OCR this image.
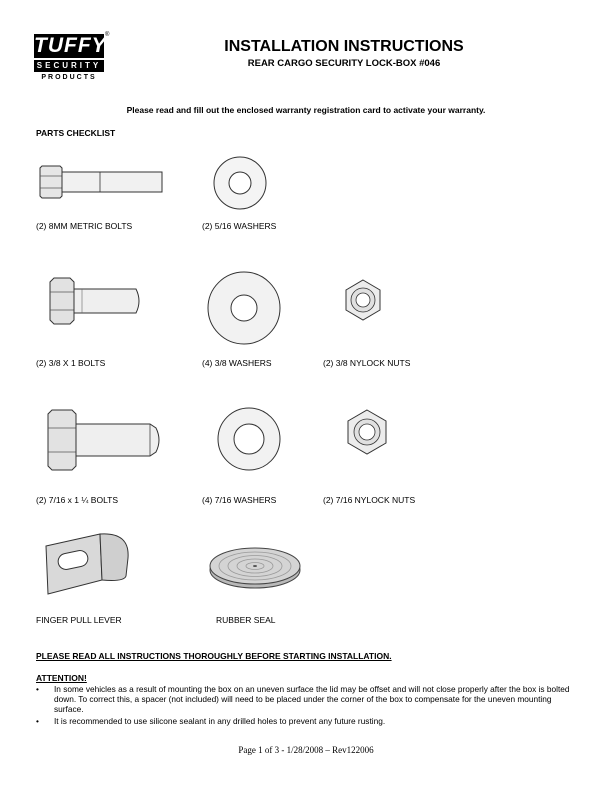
TUFFY
®
SECURITY
PRODUCTS
INSTALLATION INSTRUCTIONS
REAR CARGO SECURITY LOCK-BOX #046
Please read and fill out the enclosed warranty registration card to activate your warranty.
PARTS CHECKLIST
(2) 8MM METRIC BOLTS	(2) 5/16 WASHERS
(2) 3/8 X 1 BOLTS	(4) 3/8 WASHERS	(2) 3/8 NYLOCK NUTS
(2) 7/16 x 1 ¼ BOLTS	(4) 7/16 WASHERS	(2) 7/16 NYLOCK NUTS
FINGER PULL LEVER	RUBBER SEAL
PLEASE READ ALL INSTRUCTIONS THOROUGHLY BEFORE STARTING INSTALLATION.
ATTENTION!
•	In some vehicles as a result of mounting the box on an uneven surface the lid may be offset and will not close properly after the box is bolted down. To correct this, a spacer (not included) will need to be placed under the corner of the box to compensate for the uneven mounting surface.
•	It is recommended to use silicone sealant in any drilled holes to prevent any future rusting.
Page 1 of 3 - 1/28/2008 – Rev122006
